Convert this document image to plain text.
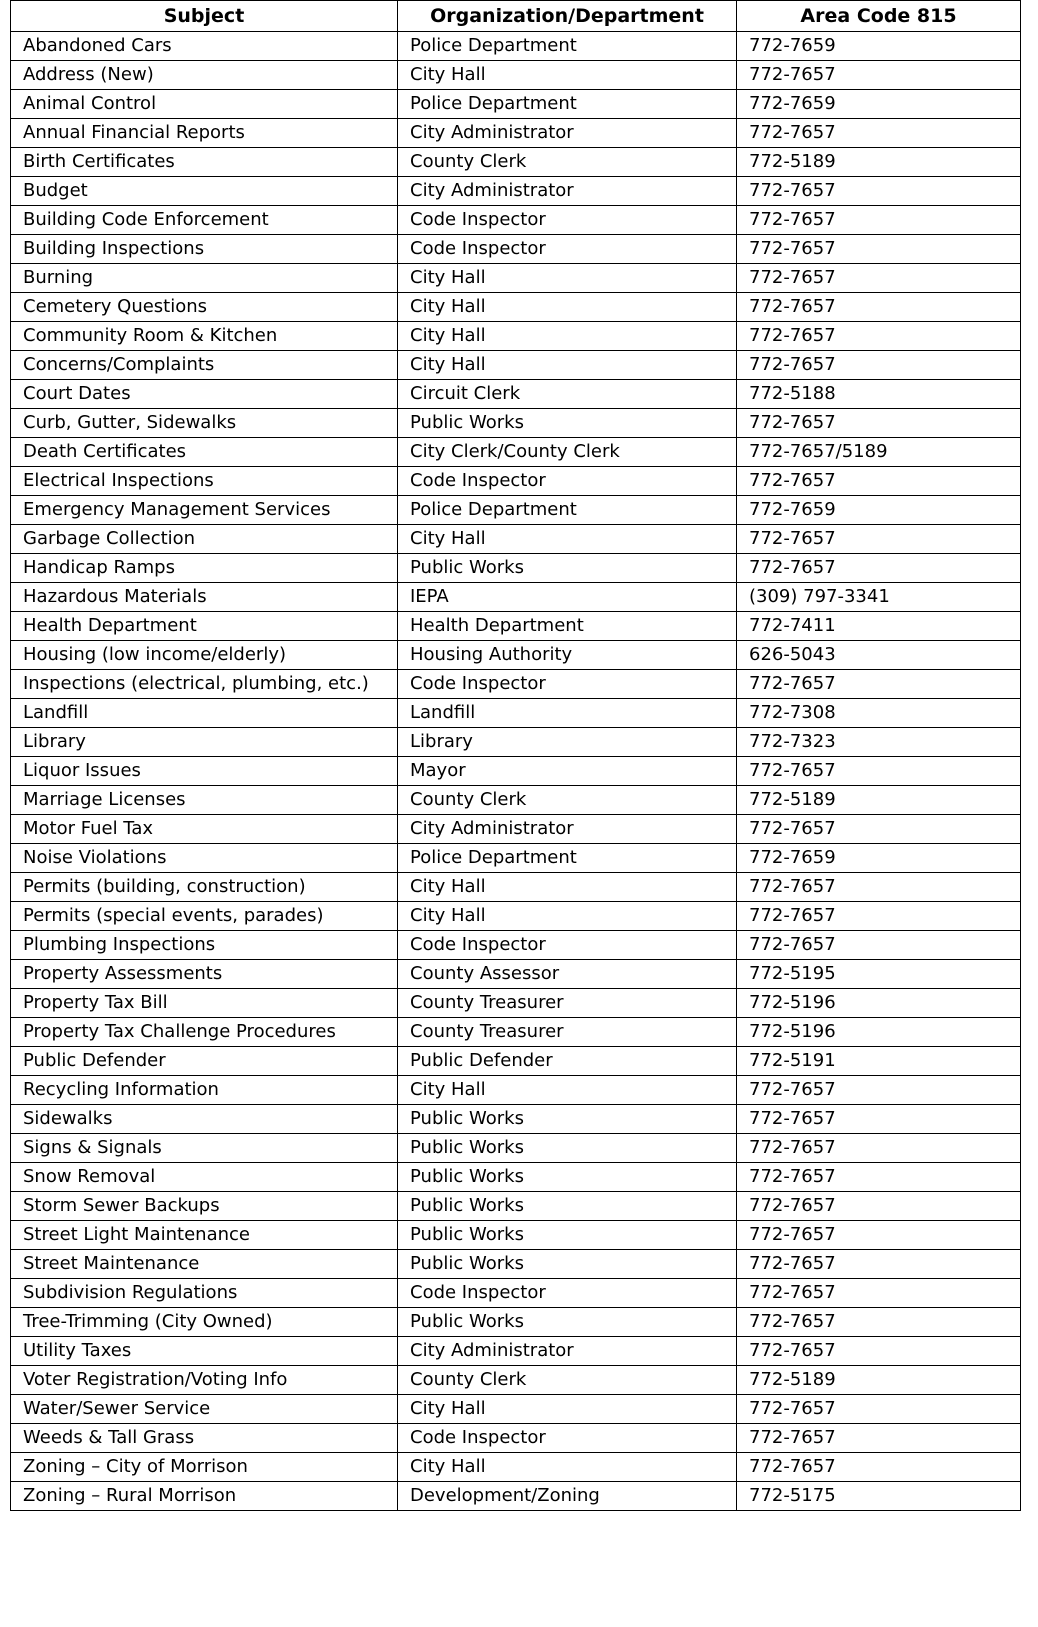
Subject	Organization/Department	Area Code 815
Abandoned Cars	Police Department	772-7659
Address (New)	City Hall	772-7657
Animal Control	Police Department	772-7659
Annual Financial Reports	City Administrator	772-7657
Birth Certificates	County Clerk	772-5189
Budget	City Administrator	772-7657
Building Code Enforcement	Code Inspector	772-7657
Building Inspections	Code Inspector	772-7657
Burning	City Hall	772-7657
Cemetery Questions	City Hall	772-7657
Community Room & Kitchen	City Hall	772-7657
Concerns/Complaints	City Hall	772-7657
Court Dates	Circuit Clerk	772-5188
Curb, Gutter, Sidewalks	Public Works	772-7657
Death Certificates	City Clerk/County Clerk	772-7657/5189
Electrical Inspections	Code Inspector	772-7657
Emergency Management Services	Police Department	772-7659
Garbage Collection	City Hall	772-7657
Handicap Ramps	Public Works	772-7657
Hazardous Materials	IEPA	(309) 797-3341
Health Department	Health Department	772-7411
Housing (low income/elderly)	Housing Authority	626-5043
Inspections (electrical, plumbing, etc.)	Code Inspector	772-7657
Landfill	Landfill	772-7308
Library	Library	772-7323
Liquor Issues	Mayor	772-7657
Marriage Licenses	County Clerk	772-5189
Motor Fuel Tax	City Administrator	772-7657
Noise Violations	Police Department	772-7659
Permits (building, construction)	City Hall	772-7657
Permits (special events, parades)	City Hall	772-7657
Plumbing Inspections	Code Inspector	772-7657
Property Assessments	County Assessor	772-5195
Property Tax Bill	County Treasurer	772-5196
Property Tax Challenge Procedures	County Treasurer	772-5196
Public Defender	Public Defender	772-5191
Recycling Information	City Hall	772-7657
Sidewalks	Public Works	772-7657
Signs & Signals	Public Works	772-7657
Snow Removal	Public Works	772-7657
Storm Sewer Backups	Public Works	772-7657
Street Light Maintenance	Public Works	772-7657
Street Maintenance	Public Works	772-7657
Subdivision Regulations	Code Inspector	772-7657
Tree-Trimming (City Owned)	Public Works	772-7657
Utility Taxes	City Administrator	772-7657
Voter Registration/Voting Info	County Clerk	772-5189
Water/Sewer Service	City Hall	772-7657
Weeds & Tall Grass	Code Inspector	772-7657
Zoning – City of Morrison	City Hall	772-7657
Zoning – Rural Morrison	Development/Zoning	772-5175
